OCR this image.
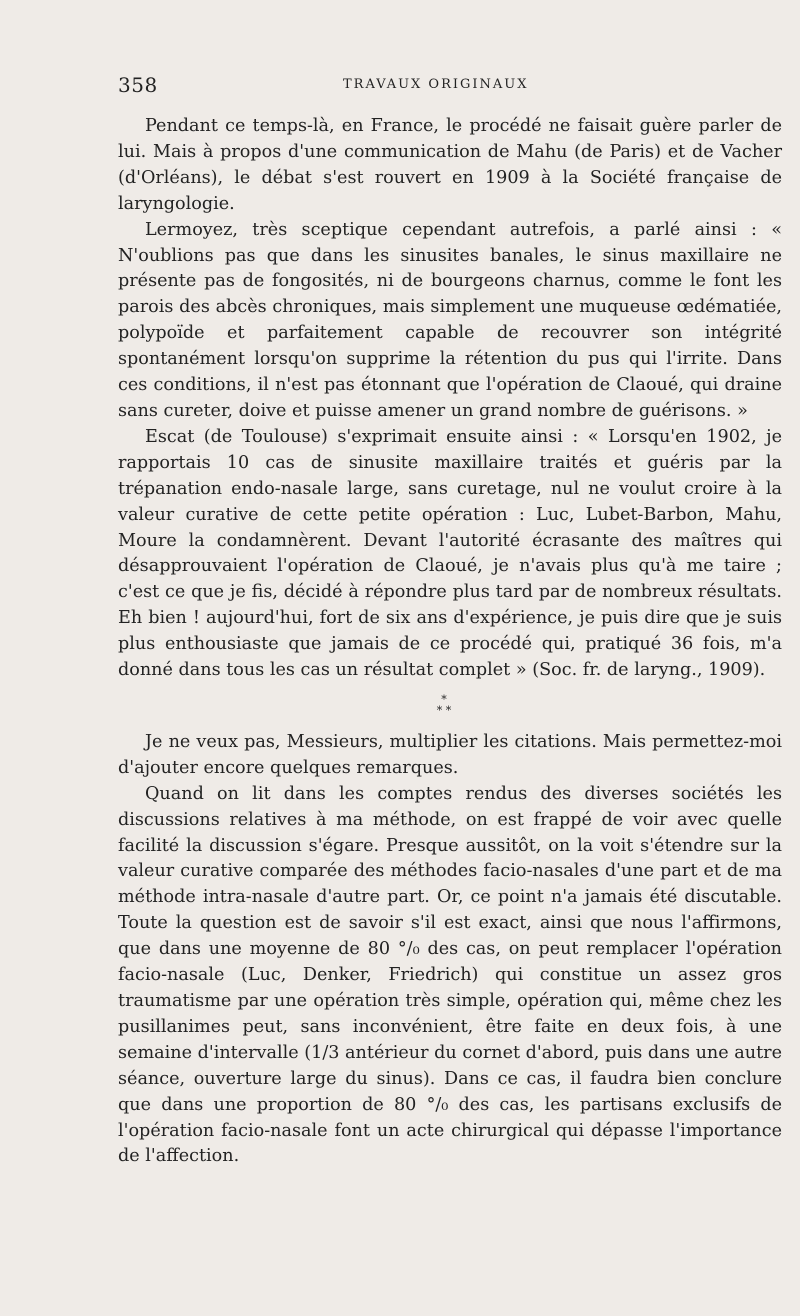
358	TRAVAUX ORIGINAUX

Pendant ce temps-là, en France, le procédé ne faisait guère parler de lui. Mais à propos d'une communication de Mahu (de Paris) et de Vacher (d'Orléans), le débat s'est rouvert en 1909 à la Société française de laryngologie.

Lermoyez, très sceptique cependant autrefois, a parlé ainsi : « N'oublions pas que dans les sinusites banales, le sinus maxillaire ne présente pas de fongosités, ni de bourgeons charnus, comme le font les parois des abcès chroniques, mais simplement une muqueuse œdématiée, polypoïde et parfaitement capable de recouvrer son intégrité spontanément lorsqu'on supprime la rétention du pus qui l'irrite. Dans ces conditions, il n'est pas étonnant que l'opération de Claoué, qui draine sans cureter, doive et puisse amener un grand nombre de guérisons. »

Escat (de Toulouse) s'exprimait ensuite ainsi : « Lorsqu'en 1902, je rapportais 10 cas de sinusite maxillaire traités et guéris par la trépanation endo-nasale large, sans curetage, nul ne voulut croire à la valeur curative de cette petite opération : Luc, Lubet-Barbon, Mahu, Moure la condamnèrent. Devant l'autorité écrasante des maîtres qui désapprouvaient l'opération de Claoué, je n'avais plus qu'à me taire ; c'est ce que je fis, décidé à répondre plus tard par de nombreux résultats. Eh bien ! aujourd'hui, fort de six ans d'expérience, je puis dire que je suis plus enthousiaste que jamais de ce procédé qui, pratiqué 36 fois, m'a donné dans tous les cas un résultat complet » (Soc. fr. de laryng., 1909).

*
* *

Je ne veux pas, Messieurs, multiplier les citations. Mais permettez-moi d'ajouter encore quelques remarques.

Quand on lit dans les comptes rendus des diverses sociétés les discussions relatives à ma méthode, on est frappé de voir avec quelle facilité la discussion s'égare. Presque aussitôt, on la voit s'étendre sur la valeur curative comparée des méthodes facio-nasales d'une part et de ma méthode intra-nasale d'autre part. Or, ce point n'a jamais été discutable. Toute la question est de savoir s'il est exact, ainsi que nous l'affirmons, que dans une moyenne de 80 °/₀ des cas, on peut remplacer l'opération facio-nasale (Luc, Denker, Friedrich) qui constitue un assez gros traumatisme par une opération très simple, opération qui, même chez les pusillanimes peut, sans inconvénient, être faite en deux fois, à une semaine d'intervalle (1/3 antérieur du cornet d'abord, puis dans une autre séance, ouverture large du sinus). Dans ce cas, il faudra bien conclure que dans une proportion de 80 °/₀ des cas, les partisans exclusifs de l'opération facio-nasale font un acte chirurgical qui dépasse l'importance de l'affection.
